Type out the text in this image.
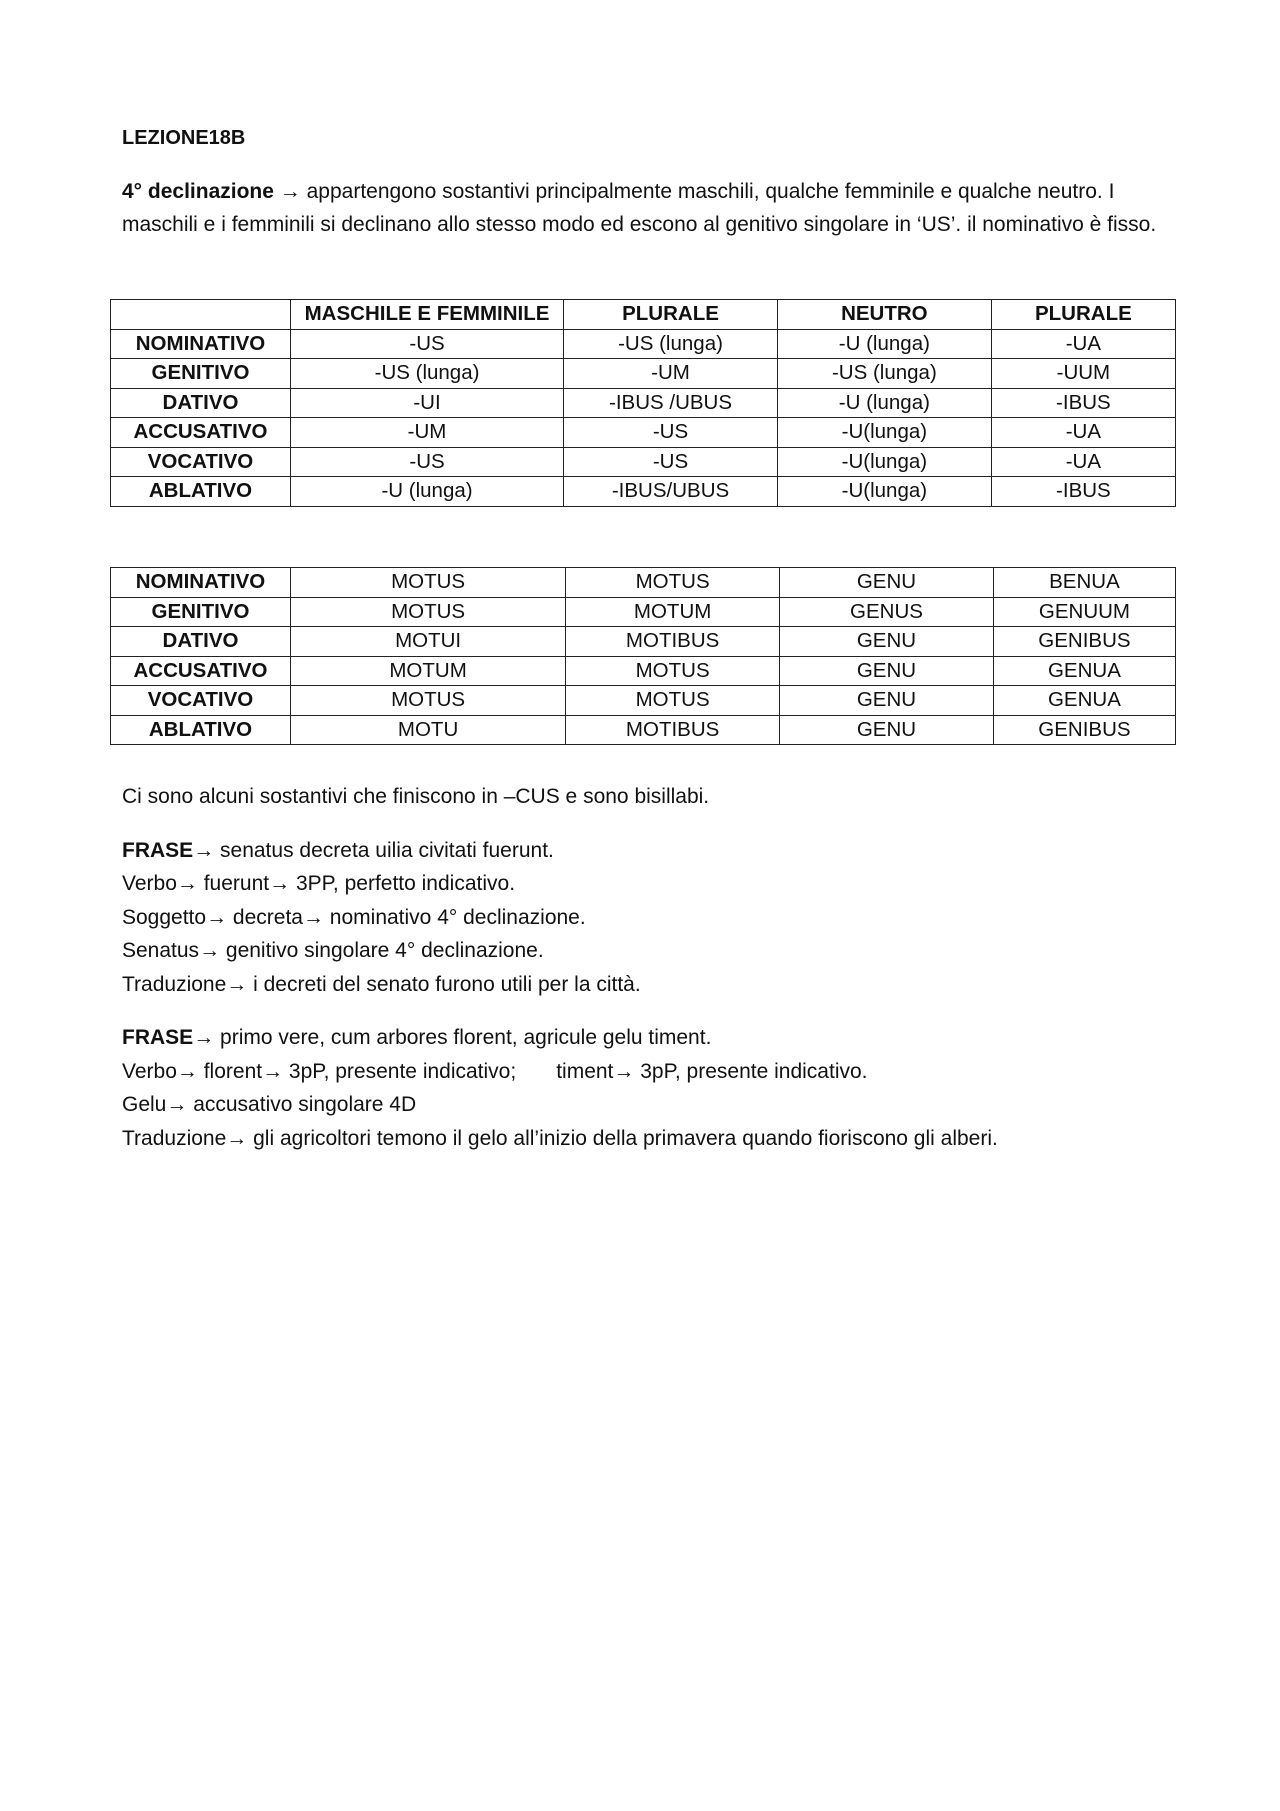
LEZIONE18B

4° declinazione → appartengono sostantivi principalmente maschili, qualche femminile e qualche neutro. I maschili e i femminili si declinano allo stesso modo ed escono al genitivo singolare in ‘US’. il nominativo è fisso.

	MASCHILE E FEMMINILE	PLURALE	NEUTRO	PLURALE
NOMINATIVO	-US	-US (lunga)	-U (lunga)	-UA
GENITIVO	-US (lunga)	-UM	-US (lunga)	-UUM
DATIVO	-UI	-IBUS /UBUS	-U (lunga)	-IBUS
ACCUSATIVO	-UM	-US	-U(lunga)	-UA
VOCATIVO	-US	-US	-U(lunga)	-UA
ABLATIVO	-U (lunga)	-IBUS/UBUS	-U(lunga)	-IBUS
NOMINATIVO	MOTUS	MOTUS	GENU	BENUA
GENITIVO	MOTUS	MOTUM	GENUS	GENUUM
DATIVO	MOTUI	MOTIBUS	GENU	GENIBUS
ACCUSATIVO	MOTUM	MOTUS	GENU	GENUA
VOCATIVO	MOTUS	MOTUS	GENU	GENUA
ABLATIVO	MOTU	MOTIBUS	GENU	GENIBUS

Ci sono alcuni sostantivi che finiscono in –CUS e sono bisillabi.

FRASE→ senatus decreta uilia civitati fuerunt.

Verbo→ fuerunt→ 3PP, perfetto indicativo.

Soggetto→ decreta→ nominativo 4° declinazione.

Senatus→ genitivo singolare 4° declinazione.

Traduzione→ i decreti del senato furono utili per la città.

FRASE→ primo vere, cum arbores florent, agricule gelu timent.

Verbo→ florent→ 3pP, presente indicativo; timent→ 3pP, presente indicativo.

Gelu→ accusativo singolare 4D

Traduzione→ gli agricoltori temono il gelo all’inizio della primavera quando fioriscono gli alberi.
